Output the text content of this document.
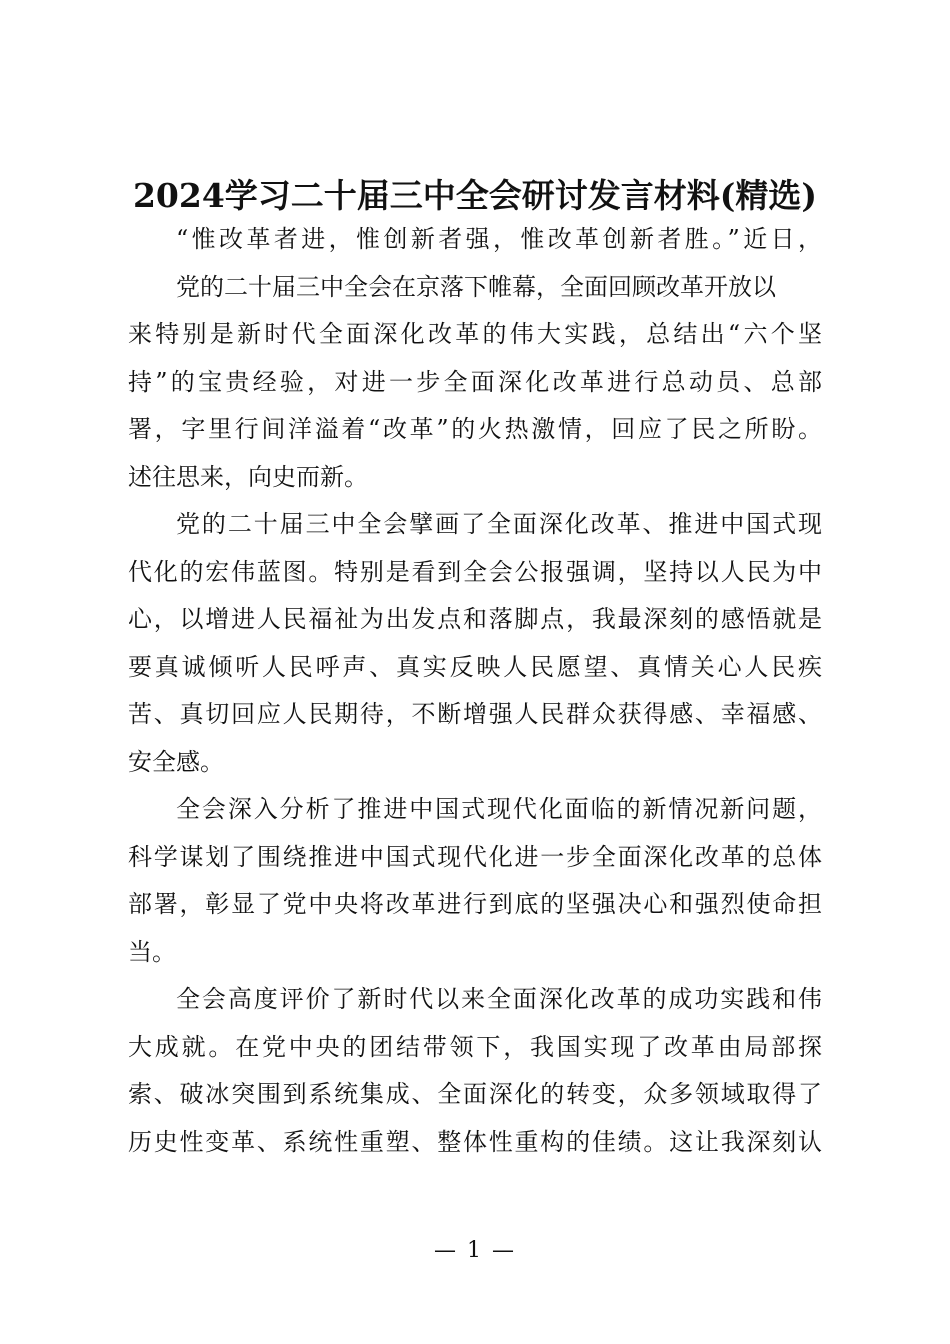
2024学习二十届三中全会研讨发言材料(精选)
“惟改革者进，惟创新者强，惟改革创新者胜。”近日，
党的二十届三中全会在京落下帷幕，全面回顾改革开放以
来特别是新时代全面深化改革的伟大实践，总结出“六个坚
持”的宝贵经验，对进一步全面深化改革进行总动员、总部
署，字里行间洋溢着“改革”的火热激情，回应了民之所盼。
述往思来，向史而新。
党的二十届三中全会擘画了全面深化改革、推进中国式现
代化的宏伟蓝图。特别是看到全会公报强调，坚持以人民为中
心，以增进人民福祉为出发点和落脚点，我最深刻的感悟就是
要真诚倾听人民呼声、真实反映人民愿望、真情关心人民疾
苦、真切回应人民期待，不断增强人民群众获得感、幸福感、
安全感。
全会深入分析了推进中国式现代化面临的新情况新问题，
科学谋划了围绕推进中国式现代化进一步全面深化改革的总体
部署，彰显了党中央将改革进行到底的坚强决心和强烈使命担
当。
全会高度评价了新时代以来全面深化改革的成功实践和伟
大成就。在党中央的团结带领下，我国实现了改革由局部探
索、破冰突围到系统集成、全面深化的转变，众多领域取得了
历史性变革、系统性重塑、整体性重构的佳绩。这让我深刻认
— 1 —
